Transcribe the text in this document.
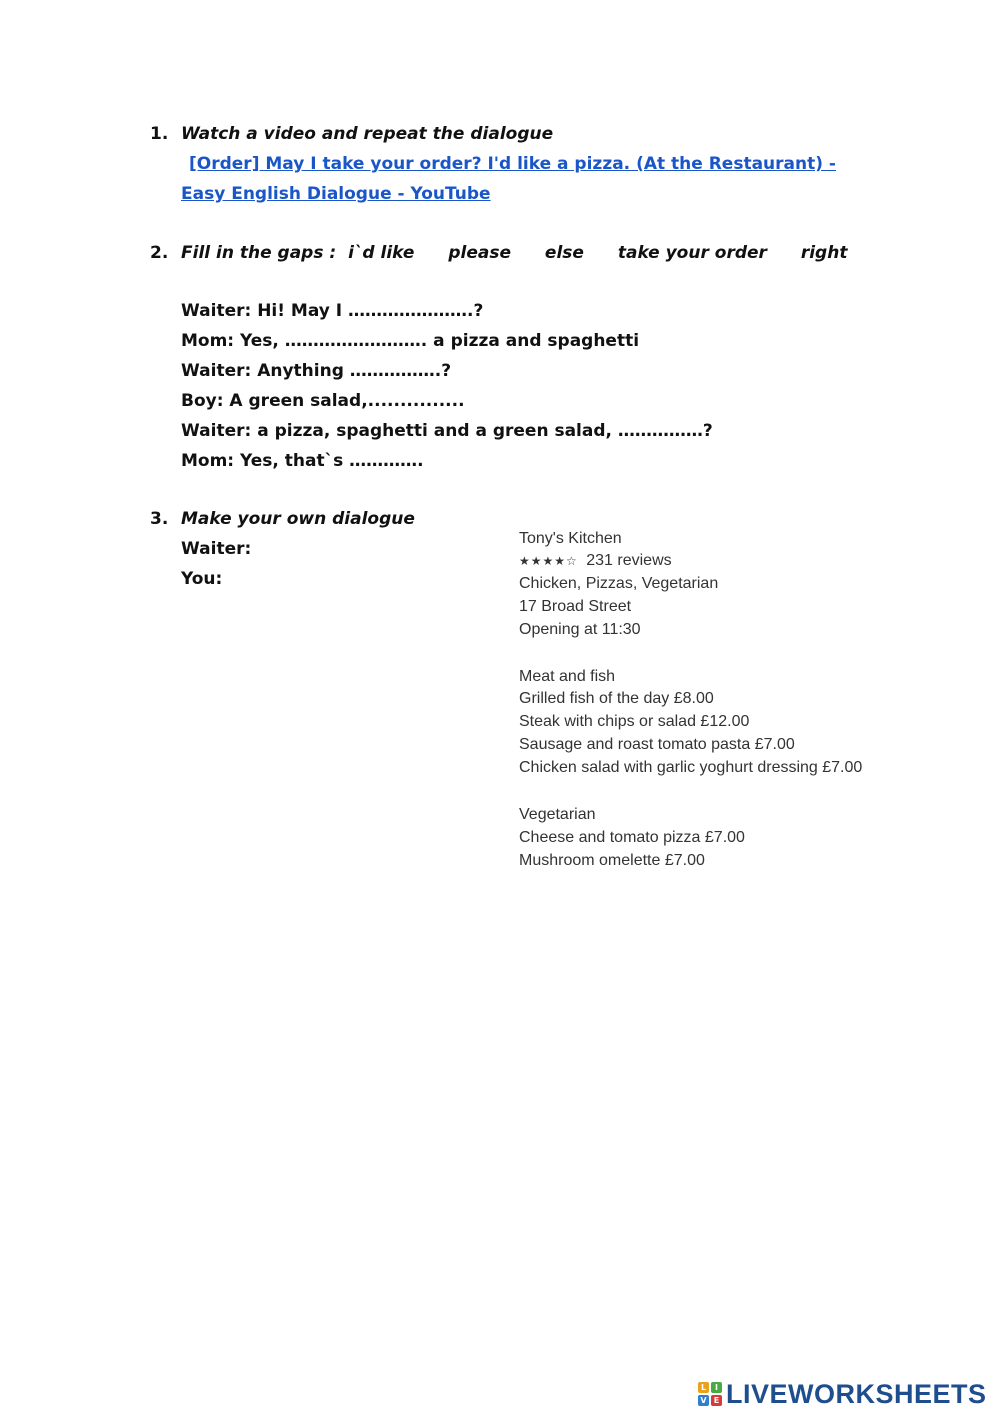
1. Watch a video and repeat the dialogue
[Order] May I take your order? I'd like a pizza. (At the Restaurant) -
Easy English Dialogue - YouTube
2. Fill in the gaps : i`d like please else take your order right
Waiter: Hi! May I ………………….?
Mom: Yes, ……………………. a pizza and spaghetti
Waiter: Anything …………….?
Boy: A green salad,...............
Waiter: a pizza, spaghetti and a green salad, ……………?
Mom: Yes, that`s ………….
3. Make your own dialogue
Waiter:
You:
Tony's Kitchen
★★★★☆ 231 reviews
Chicken, Pizzas, Vegetarian
17 Broad Street
Opening at 11:30
Meat and fish
Grilled fish of the day £8.00
Steak with chips or salad £12.00
Sausage and roast tomato pasta £7.00
Chicken salad with garlic yoghurt dressing £7.00
Vegetarian
Cheese and tomato pizza £7.00
Mushroom omelette £7.00
L	I
V E LIVEWORKSHEETS
